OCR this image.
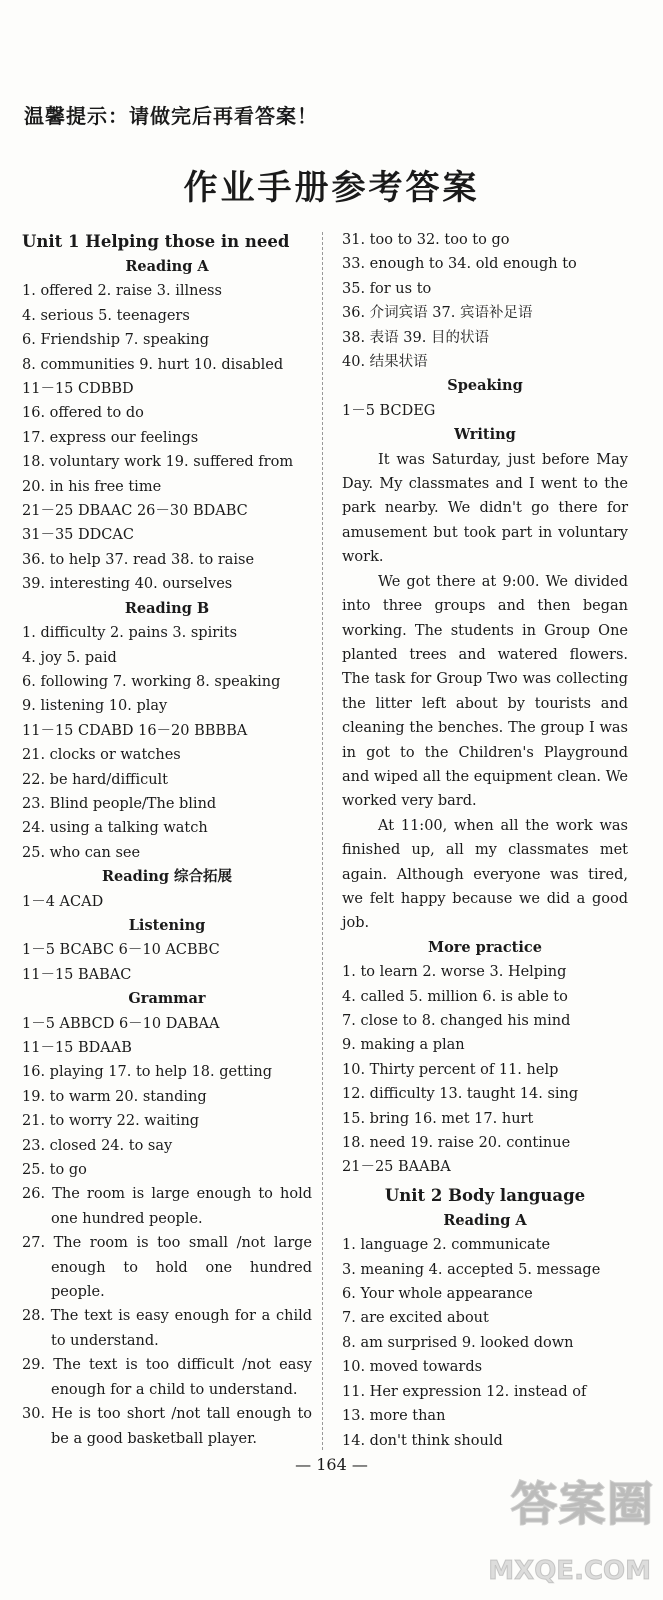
温馨提示：请做完后再看答案！
作业手册参考答案
Unit 1 Helping those in need
Reading A
1. offered 2. raise 3. illness
4. serious 5. teenagers
6. Friendship 7. speaking
8. communities 9. hurt 10. disabled
11－15 CDBBD
16. offered to do
17. express our feelings
18. voluntary work 19. suffered from
20. in his free time
21－25 DBAAC 26－30 BDABC
31－35 DDCAC
36. to help 37. read 38. to raise
39. interesting 40. ourselves
Reading B
1. difficulty 2. pains 3. spirits
4. joy 5. paid
6. following 7. working 8. speaking
9. listening 10. play
11－15 CDABD 16－20 BBBBA
21. clocks or watches
22. be hard/difficult
23. Blind people/The blind
24. using a talking watch
25. who can see
Reading 综合拓展
1－4 ACAD
Listening
1－5 BCABC 6－10 ACBBC
11－15 BABAC
Grammar
1－5 ABBCD 6－10 DABAA
11－15 BDAAB
16. playing 17. to help 18. getting
19. to warm 20. standing
21. to worry 22. waiting
23. closed 24. to say
25. to go
26. The room is large enough to hold one hundred people.
27. The room is too small /not large enough to hold one hundred people.
28. The text is easy enough for a child to understand.
29. The text is too difficult /not easy enough for a child to understand.
30. He is too short /not tall enough to be a good basketball player.
31. too to 32. too to go
33. enough to 34. old enough to
35. for us to
36. 介词宾语 37. 宾语补足语
38. 表语 39. 目的状语
40. 结果状语
Speaking
1－5 BCDEG
Writing
It was Saturday, just before May Day. My classmates and I went to the park nearby. We didn't go there for amusement but took part in voluntary work.
We got there at 9:00. We divided into three groups and then began working. The students in Group One planted trees and watered flowers. The task for Group Two was collecting the litter left about by tourists and cleaning the benches. The group I was in got to the Children's Playground and wiped all the equipment clean. We worked very bard.
At 11:00, when all the work was finished up, all my classmates met again. Although everyone was tired, we felt happy because we did a good job.
More practice
1. to learn 2. worse 3. Helping
4. called 5. million 6. is able to
7. close to 8. changed his mind
9. making a plan
10. Thirty percent of 11. help
12. difficulty 13. taught 14. sing
15. bring 16. met 17. hurt
18. need 19. raise 20. continue
21－25 BAABA
Unit 2 Body language
Reading A
1. language 2. communicate
3. meaning 4. accepted 5. message
6. Your whole appearance
7. are excited about
8. am surprised 9. looked down
10. moved towards
11. Her expression 12. instead of
13. more than
14. don't think should
— 164 —
答案圈
MXQE.COM
